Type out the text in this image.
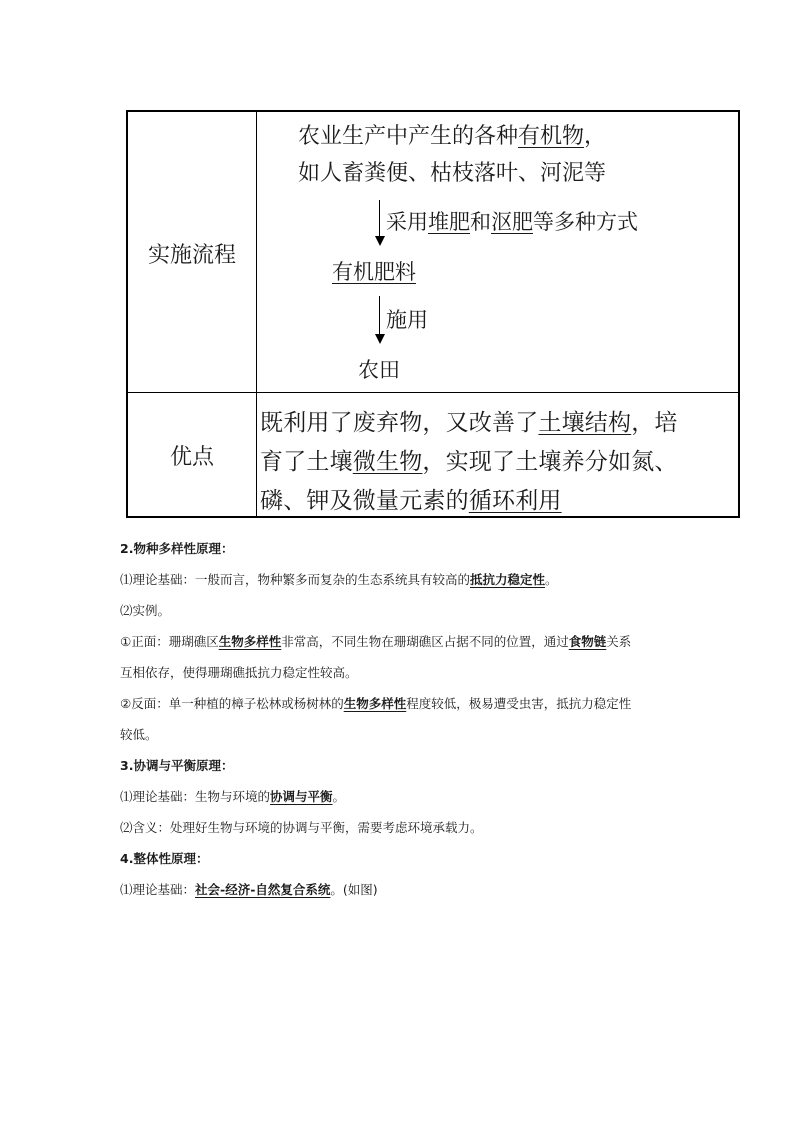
实施流程
优点
农业生产中产生的各种有机物，
如人畜粪便、枯枝落叶、河泥等
采用堆肥和沤肥等多种方式
有机肥料
施用
农田
既利用了废弃物，又改善了土壤结构，培
育了土壤微生物，实现了土壤养分如氮、
磷、钾及微量元素的循环利用
2.物种多样性原理：
⑴理论基础：一般而言，物种繁多而复杂的生态系统具有较高的抵抗力稳定性。
⑵实例。
①正面：珊瑚礁区生物多样性非常高，不同生物在珊瑚礁区占据不同的位置，通过食物链关系
互相依存，使得珊瑚礁抵抗力稳定性较高。
②反面：单一种植的樟子松林或杨树林的生物多样性程度较低，极易遭受虫害，抵抗力稳定性
较低。
3.协调与平衡原理：
⑴理论基础：生物与环境的协调与平衡。
⑵含义：处理好生物与环境的协调与平衡，需要考虑环境承载力。
4.整体性原理：
⑴理论基础：社会-经济-自然复合系统。(如图)
